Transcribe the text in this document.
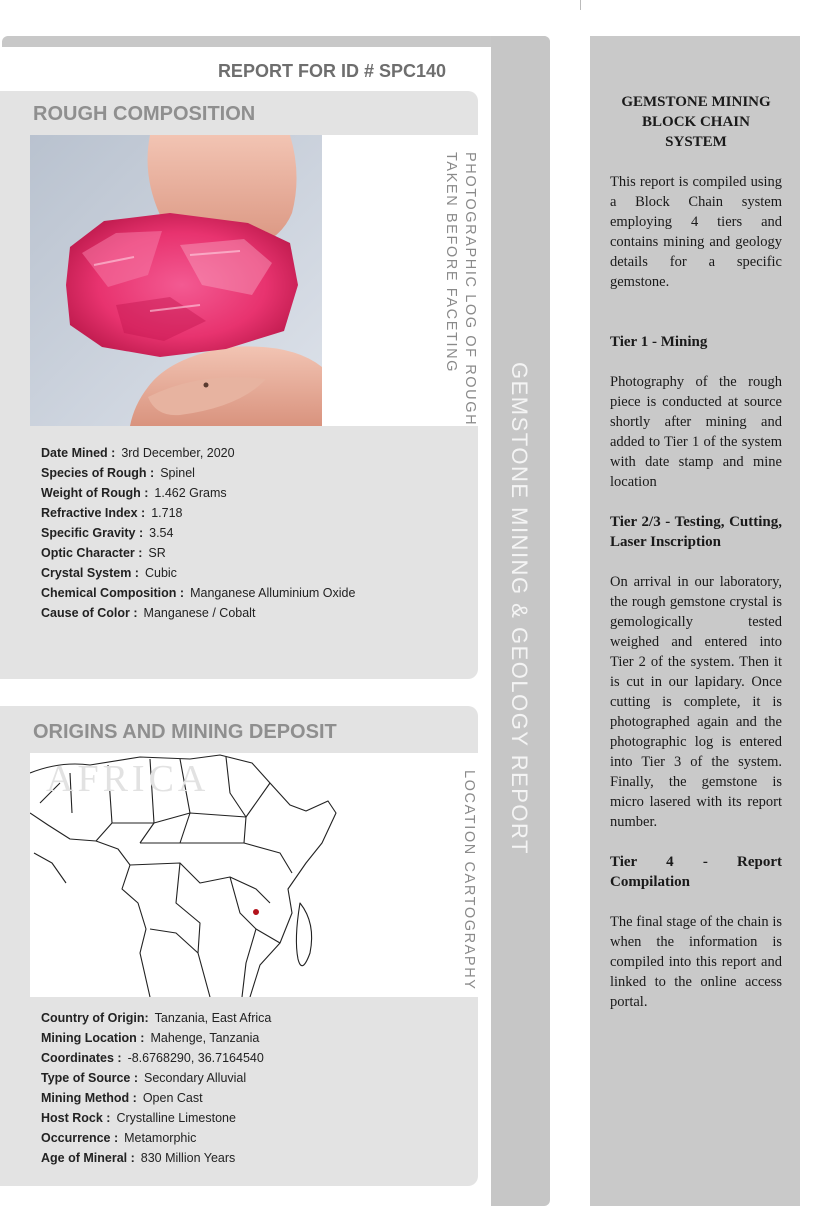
GEMSTONE MINING & GEOLOGY REPORT
REPORT FOR ID # SPC140
ROUGH COMPOSITION
PHOTOGRAPHIC LOG OF ROUGH
TAKEN BEFORE FACETING
Date Mined : 3rd December, 2020
Species of Rough : Spinel
Weight of Rough : 1.462 Grams
Refractive Index : 1.718
Specific Gravity : 3.54
Optic Character : SR
Crystal System : Cubic
Chemical Composition : Manganese Alluminium Oxide
Cause of Color : Manganese / Cobalt
ORIGINS AND MINING DEPOSIT
AFRICA	LOCATION CARTOGRAPHY
Country of Origin: Tanzania, East Africa
Mining Location : Mahenge, Tanzania
Coordinates : -8.6768290, 36.7164540
Type of Source : Secondary Alluvial
Mining Method : Open Cast
Host Rock : Crystalline Limestone
Occurrence : Metamorphic
Age of Mineral : 830 Million Years
GEMSTONE MINING BLOCK CHAIN SYSTEM

This report is compiled using a Block Chain system employing 4 tiers and contains mining and geology details for a specific gemstone.

Tier 1 - Mining

Photography of the rough piece is conducted at source shortly after mining and added to Tier 1 of the system with date stamp and mine location

Tier 2/3 - Testing, Cutting, Laser Inscription

On arrival in our laboratory, the rough gemstone crystal is gemologically tested weighed and entered into Tier 2 of the system. Then it is cut in our lapidary. Once cutting is complete, it is photographed again and the photographic log is entered into Tier 3 of the system. Finally, the gemstone is micro lasered with its report number.

Tier 4 - Report Compilation

The final stage of the chain is when the information is compiled into this report and linked to the online access portal.
